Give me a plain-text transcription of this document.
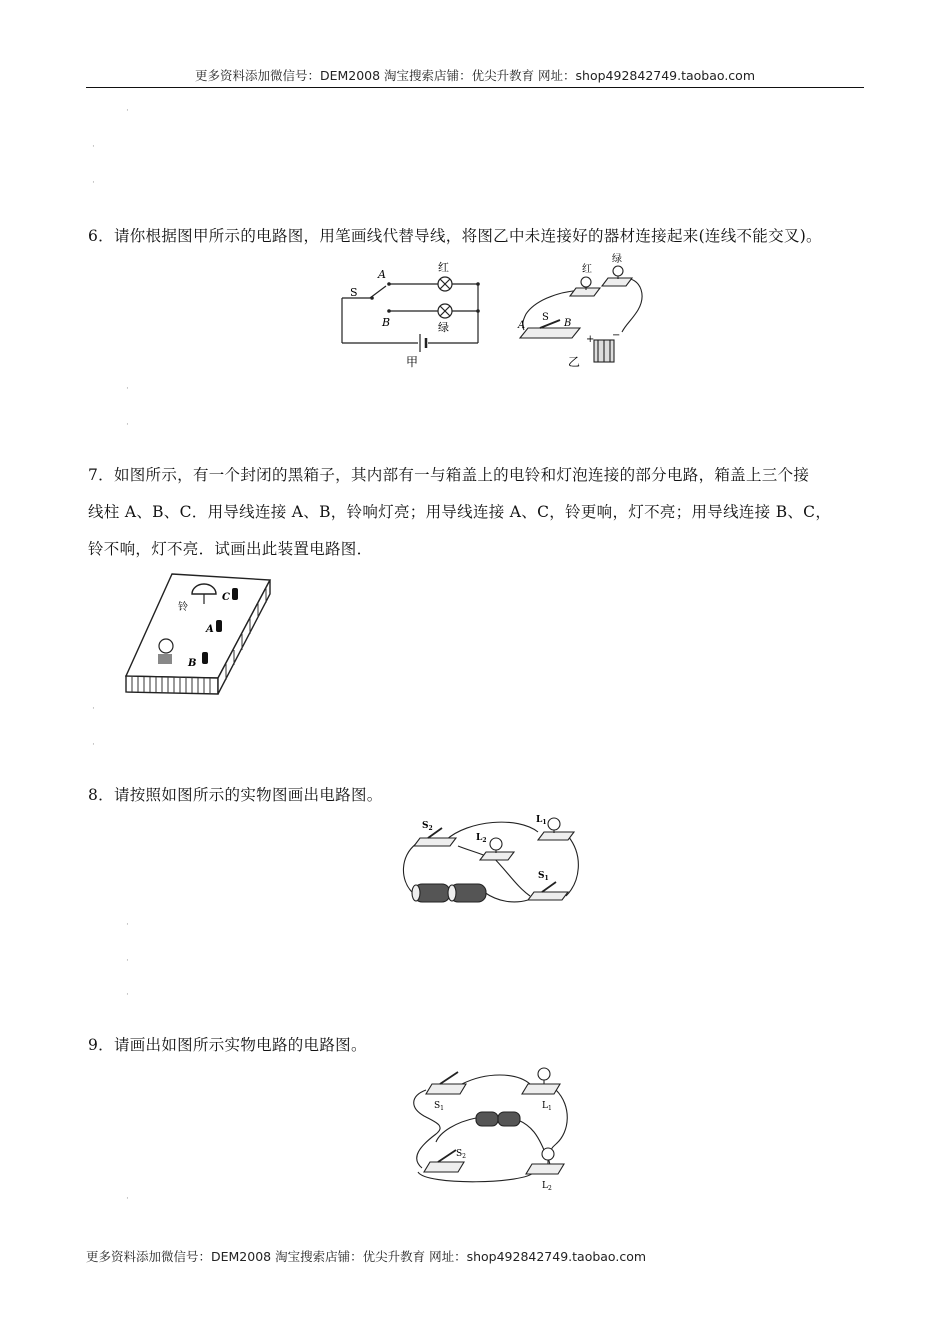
更多资料添加微信号：DEM2008 淘宝搜索店铺：优尖升教育 网址：shop492842749.taobao.com
·
·
·
6．请你根据图甲所示的电路图，用笔画线代替导线，将图乙中未连接好的器材连接起来(连线不能交叉)。
A
S
B
红
绿
甲
红
绿
A
S
B
+ −
乙
·
·
7．如图所示，有一个封闭的黑箱子，其内部有一与箱盖上的电铃和灯泡连接的部分电路，箱盖上三个接
线柱 A、B、C．用导线连接 A、B，铃响灯亮；用导线连接 A、C，铃更响，灯不亮；用导线连接 B、C，
铃不响，灯不亮．试画出此装置电路图．
铃
C
A
B
·
·
8．请按照如图所示的实物图画出电路图。
$S_2$
$L_2$
$L_1$
$S_1$
·
·
·
9．请画出如图所示实物电路的电路图。
$S_1$	$L_1$
$S_2$
$L_2$
·
更多资料添加微信号：DEM2008 淘宝搜索店铺：优尖升教育 网址：shop492842749.taobao.com
